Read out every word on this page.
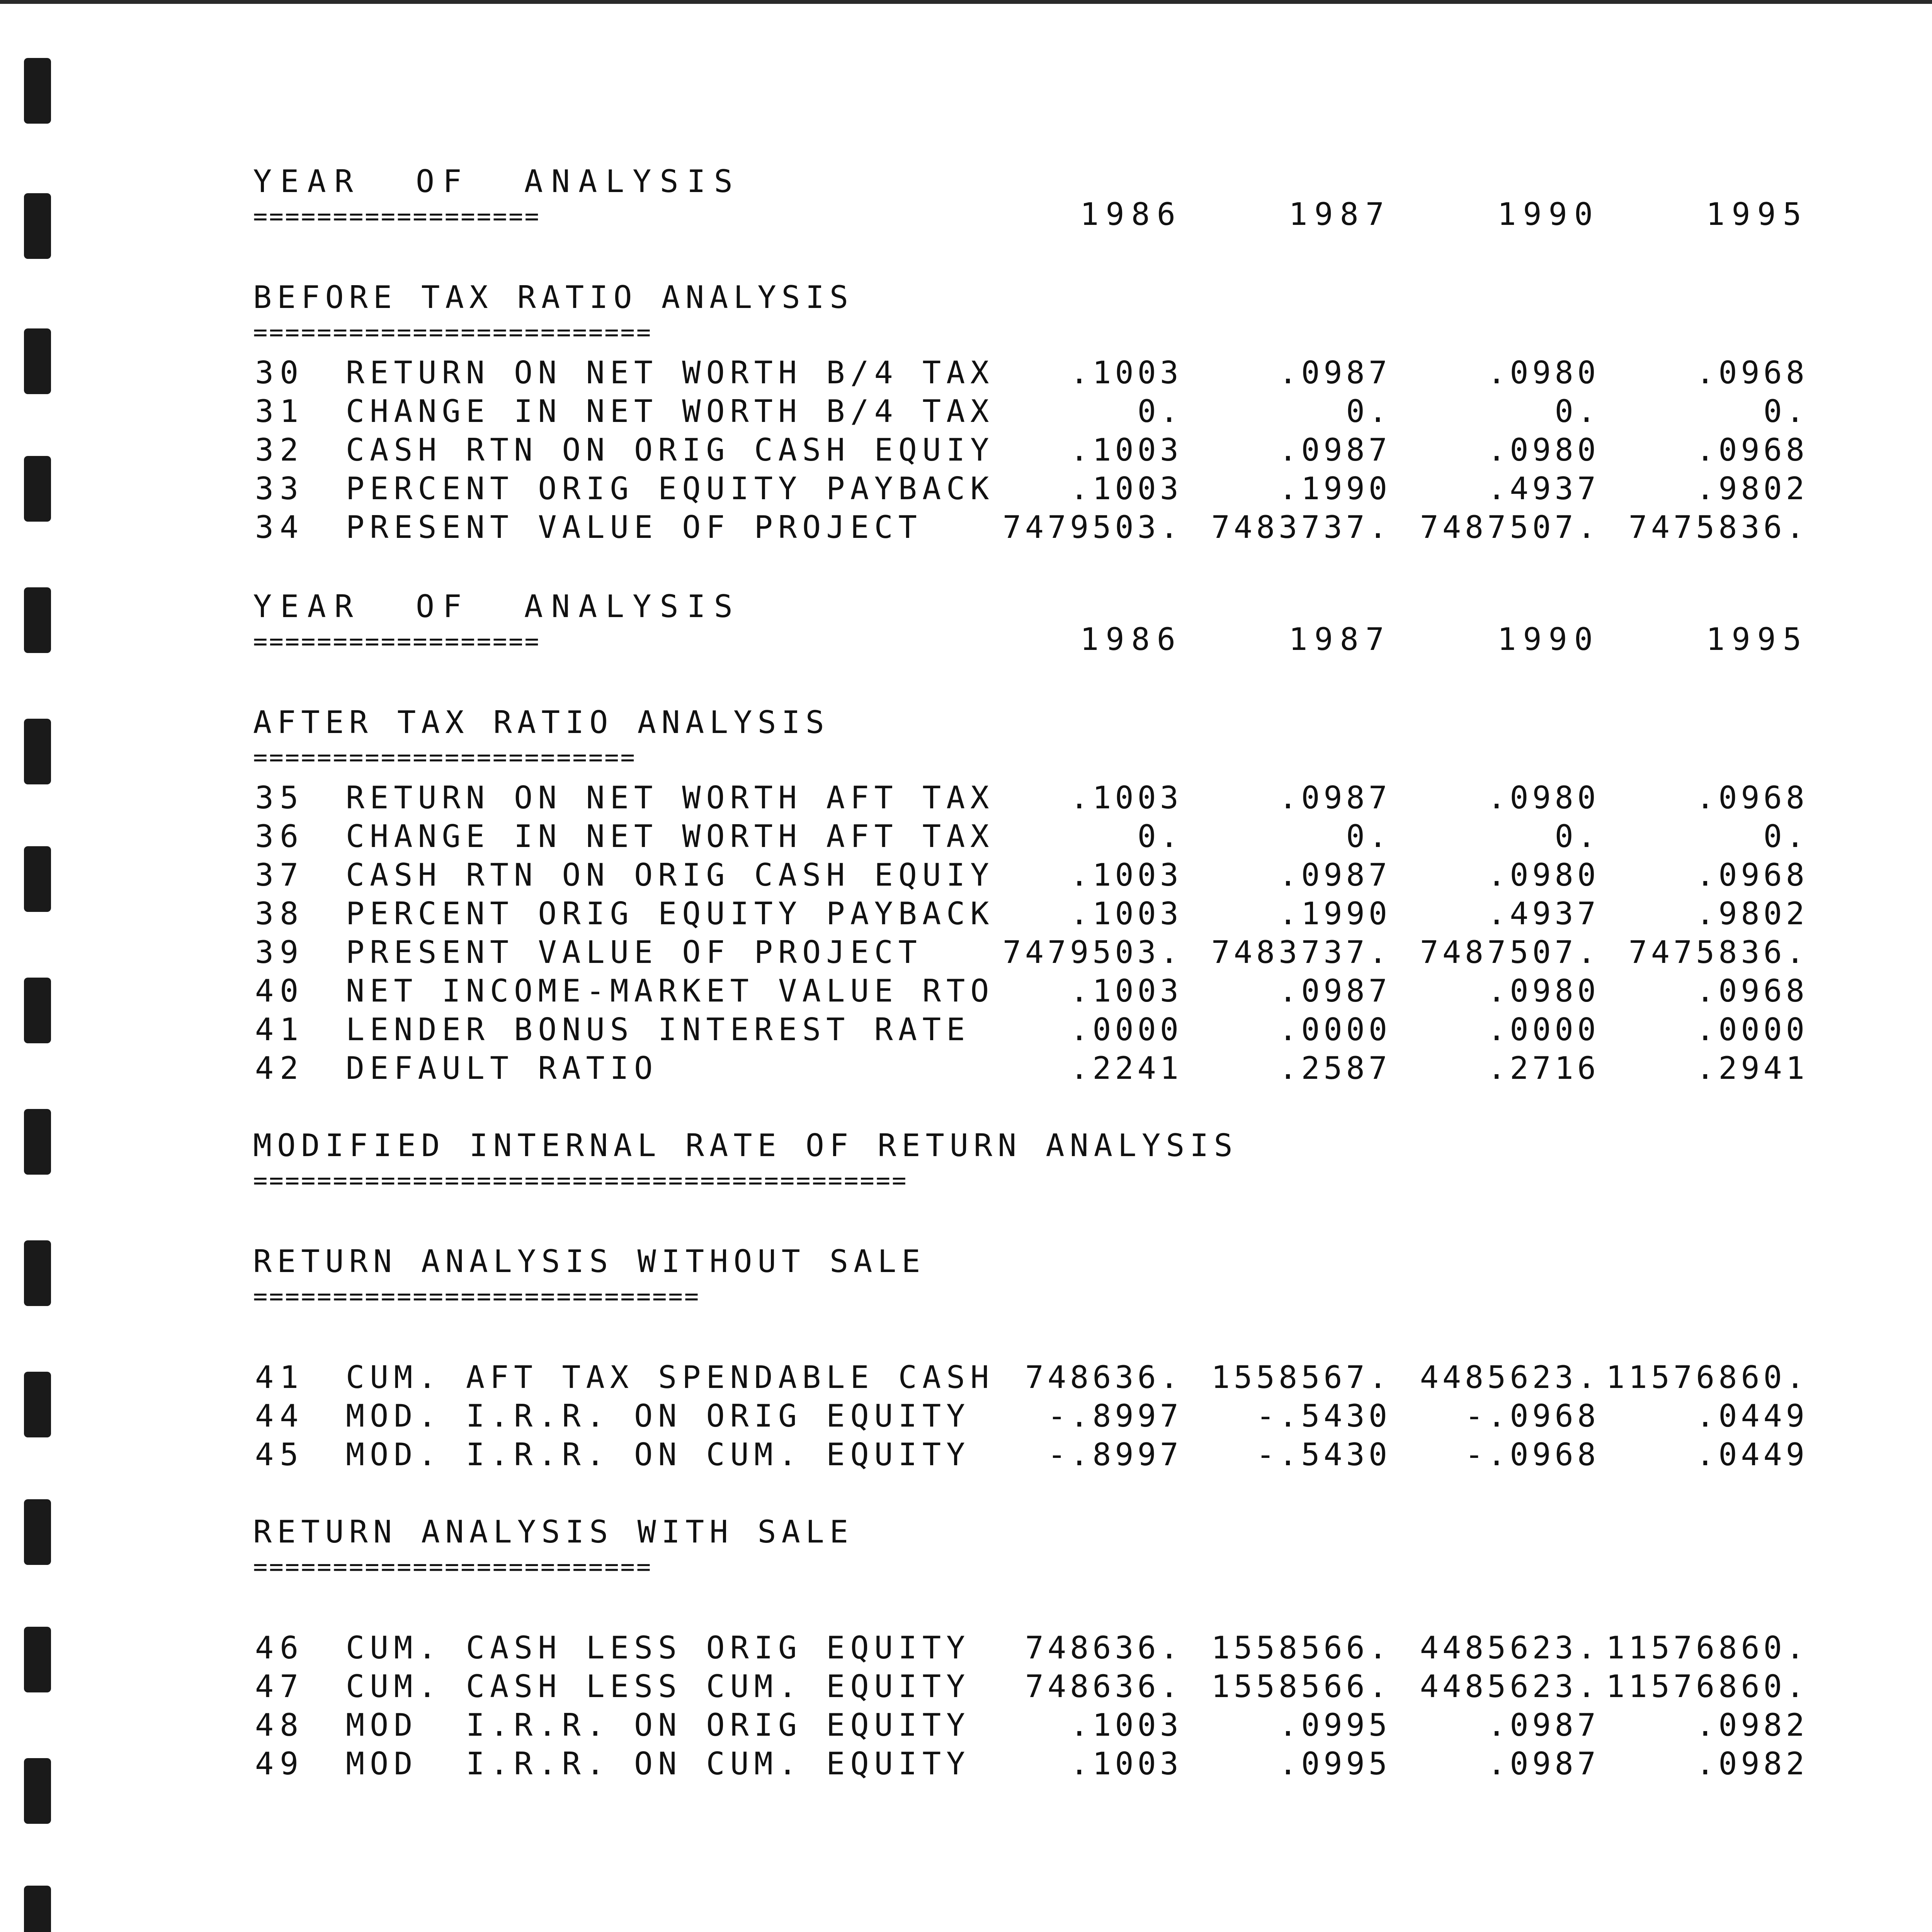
YEAR  OF  ANALYSIS
==================	1986	1987	1990	1995
BEFORE TAX RATIO ANALYSIS
=========================
30 RETURN ON NET WORTH B/4 TAX	.1003	.0987	.0980	.0968
31 CHANGE IN NET WORTH B/4 TAX	0.	0.	0.	0.
32 CASH RTN ON ORIG CASH EQUIY	.1003	.0987	.0980	.0968
33 PERCENT ORIG EQUITY PAYBACK	.1003	.1990	.4937	.9802
34 PRESENT VALUE OF PROJECT	7479503. 7483737. 7487507. 7475836.
YEAR  OF  ANALYSIS
==================	1986	1987	1990	1995
AFTER TAX RATIO ANALYSIS
========================
35 RETURN ON NET WORTH AFT TAX	.1003	.0987	.0980	.0968
36 CHANGE IN NET WORTH AFT TAX	0.	0.	0.	0.
37 CASH RTN ON ORIG CASH EQUIY	.1003	.0987	.0980	.0968
38 PERCENT ORIG EQUITY PAYBACK	.1003	.1990	.4937	.9802
39 PRESENT VALUE OF PROJECT	7479503. 7483737. 7487507. 7475836.
40 NET INCOME-MARKET VALUE RTO	.1003	.0987	.0980	.0968
41 LENDER BONUS INTEREST RATE	.0000	.0000	.0000	.0000
42 DEFAULT RATIO	.2241	.2587	.2716	.2941
MODIFIED INTERNAL RATE OF RETURN ANALYSIS
=========================================
RETURN ANALYSIS WITHOUT SALE
============================
41 CUM. AFT TAX SPENDABLE CASH 748636. 1558567. 4485623. 11576860.
44 MOD. I.R.R. ON ORIG EQUITY	-.8997	-.5430	-.0968	.0449
45 MOD. I.R.R. ON CUM. EQUITY	-.8997	-.5430	-.0968	.0449
RETURN ANALYSIS WITH SALE
=========================
46 CUM. CASH LESS ORIG EQUITY	748636. 1558566. 4485623. 11576860.
47 CUM. CASH LESS CUM. EQUITY	748636. 1558566. 4485623. 11576860.
48 MOD  I.R.R. ON ORIG EQUITY	.1003	.0995	.0987	.0982
49 MOD  I.R.R. ON CUM. EQUITY	.1003	.0995	.0987	.0982
